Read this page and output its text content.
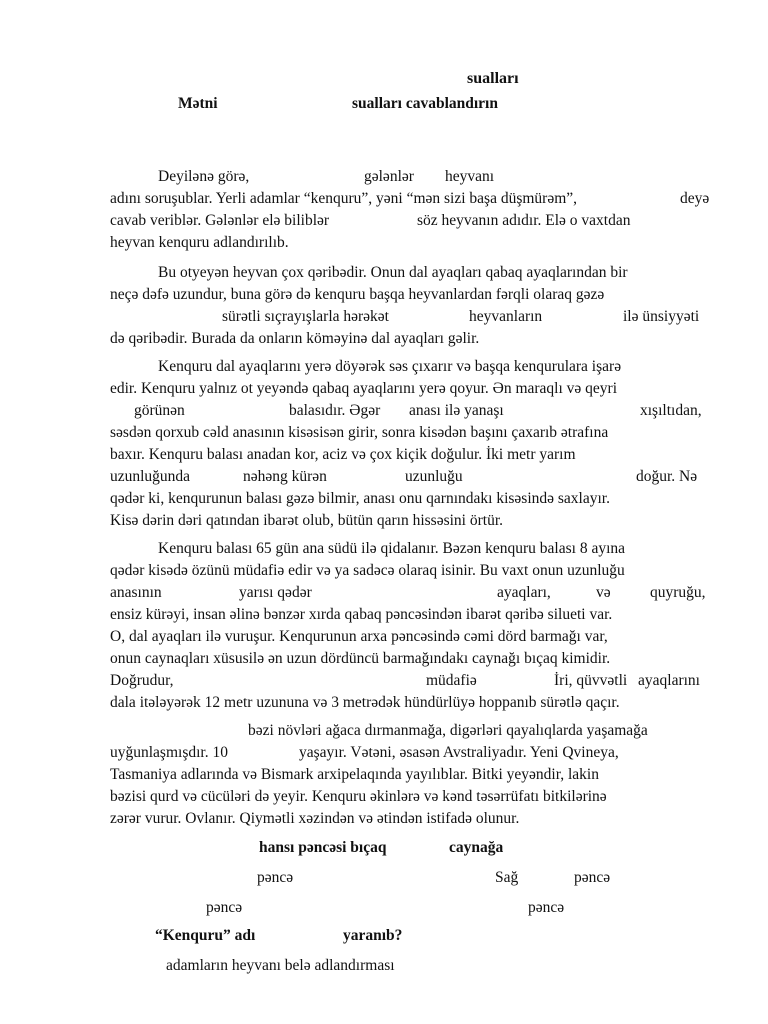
sualları
Mətni	sualları cavablandırın
Deyilənə görə,	gələnlər heyvanı
adını soruşublar. Yerli adamlar “kenquru”, yəni “mən sizi başa düşmürəm”,	deyə
cavab veriblər. Gələnlər elə biliblər	söz heyvanın adıdır. Elə o vaxtdan
heyvan kenquru adlandırılıb.
Bu otyeyən heyvan çox qəribədir. Onun dal ayaqları qabaq ayaqlarından bir
neçə dəfə uzundur, buna görə də kenquru başqa heyvanlardan fərqli olaraq gəzə
sürətli sıçrayışlarla hərəkət	heyvanların	ilə ünsiyyəti
də qəribədir. Burada da onların köməyinə dal ayaqları gəlir.
Kenquru dal ayaqlarını yerə döyərək səs çıxarır və başqa kenqurulara işarə
edir. Kenquru yalnız ot yeyəndə qabaq ayaqlarını yerə qoyur. Ən maraqlı və qeyri
görünən	balasıdır. Əgər anası ilə yanaşı	xışıltıdan,
səsdən qorxub cəld anasının kisəsisən girir, sonra kisədən başını çaxarıb ətrafına
baxır. Kenquru balası anadan kor, aciz və çox kiçik doğulur. İki metr yarım
uzunluğunda	nəhəng kürən	uzunluğu	doğur. Nə
qədər ki, kenqurunun balası gəzə bilmir, anası onu qarnındakı kisəsində saxlayır.
Kisə dərin dəri qatından ibarət olub, bütün qarın hissəsini örtür.
Kenquru balası 65 gün ana südü ilə qidalanır. Bəzən kenquru balası 8 ayına
qədər kisədə özünü müdafiə edir və ya sadəcə olaraq isinir. Bu vaxt onun uzunluğu
anasının	yarısı qədər	ayaqları,	və	quyruğu,
ensiz kürəyi, insan əlinə bənzər xırda qabaq pəncəsindən ibarət qəribə silueti var.
O, dal ayaqları ilə vuruşur. Kenqurunun arxa pəncəsində cəmi dörd barmağı var,
onun caynaqları xüsusilə ən uzun dördüncü barmağındakı caynağı bıçaq kimidir.
Doğrudur,	müdafiə	İri, qüvvətli ayaqlarını
dala itələyərək 12 metr uzununa və 3 metrədək hündürlüyə hoppanıb sürətlə qaçır.
bəzi növləri ağaca dırmanmağa, digərləri qayalıqlarda yaşamağa
uyğunlaşmışdır. 10	yaşayır. Vətəni, əsasən Avstraliyadır. Yeni Qvineya,
Tasmaniya adlarında və Bismark arxipelaqında yayılıblar. Bitki yeyəndir, lakin
bəzisi qurd və cücüləri də yeyir. Kenquru əkinlərə və kənd təsərrüfatı bitkilərinə
zərər vurur. Ovlanır. Qiymətli xəzindən və ətindən istifadə olunur.
hansı pəncəsi bıçaq	caynağa
pəncə	Sağ	pəncə
pəncə	pəncə
“Kenquru” adı	yaranıb?
adamların heyvanı belə adlandırması
